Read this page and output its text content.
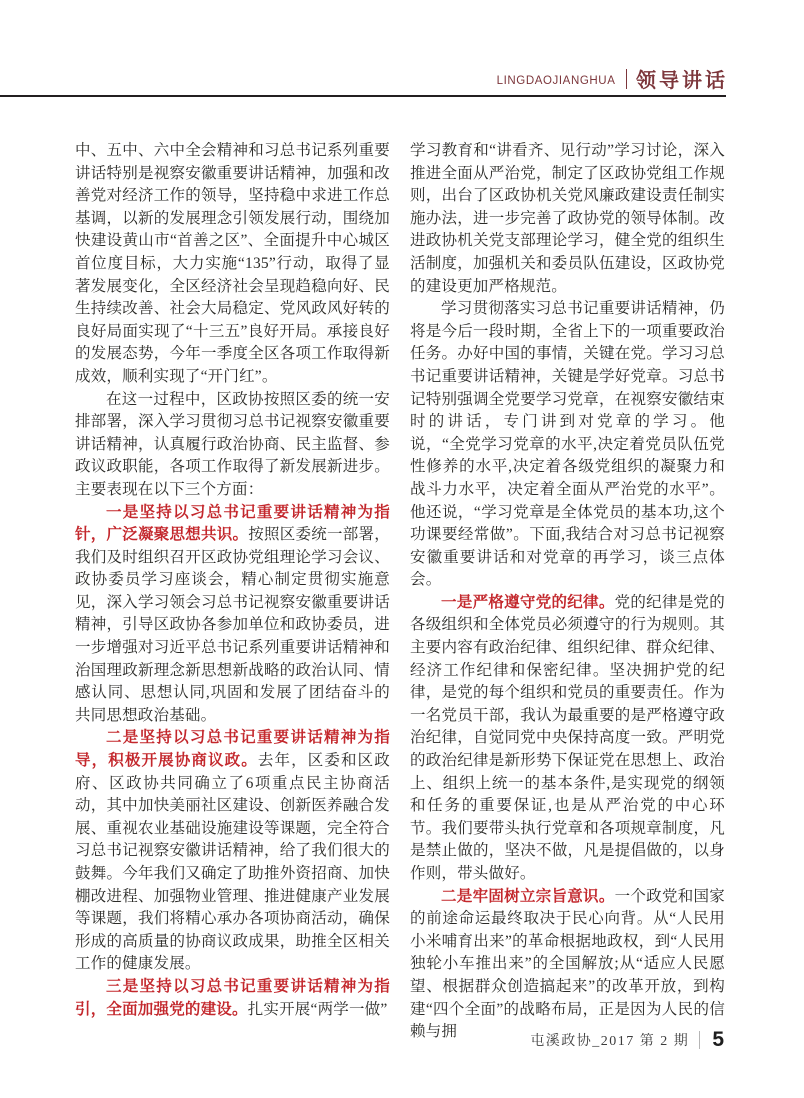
LINGDAOJIANGHUA 领导讲话

中、五中、六中全会精神和习总书记系列重要讲话特别是视察安徽重要讲话精神，加强和改善党对经济工作的领导，坚持稳中求进工作总基调，以新的发展理念引领发展行动，围绕加快建设黄山市“首善之区”、全面提升中心城区首位度目标，大力实施“135”行动，取得了显著发展变化，全区经济社会呈现趋稳向好、民生持续改善、社会大局稳定、党风政风好转的良好局面实现了“十三五”良好开局。承接良好的发展态势，今年一季度全区各项工作取得新成效，顺利实现了“开门红”。

在这一过程中，区政协按照区委的统一安排部署，深入学习贯彻习总书记视察安徽重要讲话精神，认真履行政治协商、民主监督、参政议政职能，各项工作取得了新发展新进步。主要表现在以下三个方面：

一是坚持以习总书记重要讲话精神为指针，广泛凝聚思想共识。按照区委统一部署，我们及时组织召开区政协党组理论学习会议、政协委员学习座谈会，精心制定贯彻实施意见，深入学习领会习总书记视察安徽重要讲话精神，引导区政协各参加单位和政协委员，进一步增强对习近平总书记系列重要讲话精神和治国理政新理念新思想新战略的政治认同、情感认同、思想认同,巩固和发展了团结奋斗的共同思想政治基础。

二是坚持以习总书记重要讲话精神为指导，积极开展协商议政。去年，区委和区政府、区政协共同确立了6项重点民主协商活动，其中加快美丽社区建设、创新医养融合发展、重视农业基础设施建设等课题，完全符合习总书记视察安徽讲话精神，给了我们很大的鼓舞。今年我们又确定了助推外资招商、加快棚改进程、加强物业管理、推进健康产业发展等课题，我们将精心承办各项协商活动，确保形成的高质量的协商议政成果，助推全区相关工作的健康发展。

三是坚持以习总书记重要讲话精神为指引，全面加强党的建设。扎实开展“两学一做”

学习教育和“讲看齐、见行动”学习讨论，深入推进全面从严治党，制定了区政协党组工作规则，出台了区政协机关党风廉政建设责任制实施办法，进一步完善了政协党的领导体制。改进政协机关党支部理论学习，健全党的组织生活制度，加强机关和委员队伍建设，区政协党的建设更加严格规范。

学习贯彻落实习总书记重要讲话精神，仍将是今后一段时期，全省上下的一项重要政治任务。办好中国的事情，关键在党。学习习总书记重要讲话精神，关键是学好党章。习总书记特别强调全党要学习党章，在视察安徽结束时的讲话，专门讲到对党章的学习。他说，“全党学习党章的水平,决定着党员队伍党性修养的水平,决定着各级党组织的凝聚力和战斗力水平，决定着全面从严治党的水平”。他还说，“学习党章是全体党员的基本功,这个功课要经常做”。下面,我结合对习总书记视察安徽重要讲话和对党章的再学习，谈三点体会。

一是严格遵守党的纪律。党的纪律是党的各级组织和全体党员必须遵守的行为规则。其主要内容有政治纪律、组织纪律、群众纪律、经济工作纪律和保密纪律。坚决拥护党的纪律，是党的每个组织和党员的重要责任。作为一名党员干部，我认为最重要的是严格遵守政治纪律，自觉同党中央保持高度一致。严明党的政治纪律是新形势下保证党在思想上、政治上、组织上统一的基本条件,是实现党的纲领和任务的重要保证,也是从严治党的中心环节。我们要带头执行党章和各项规章制度，凡是禁止做的，坚决不做，凡是提倡做的，以身作则，带头做好。

二是牢固树立宗旨意识。一个政党和国家的前途命运最终取决于民心向背。从“人民用小米哺育出来”的革命根据地政权，到“人民用独轮小车推出来”的全国解放;从“适应人民愿望、根据群众创造搞起来”的改革开放，到构建“四个全面”的战略布局，正是因为人民的信赖与拥

屯溪政协_2017 第 2 期 5
